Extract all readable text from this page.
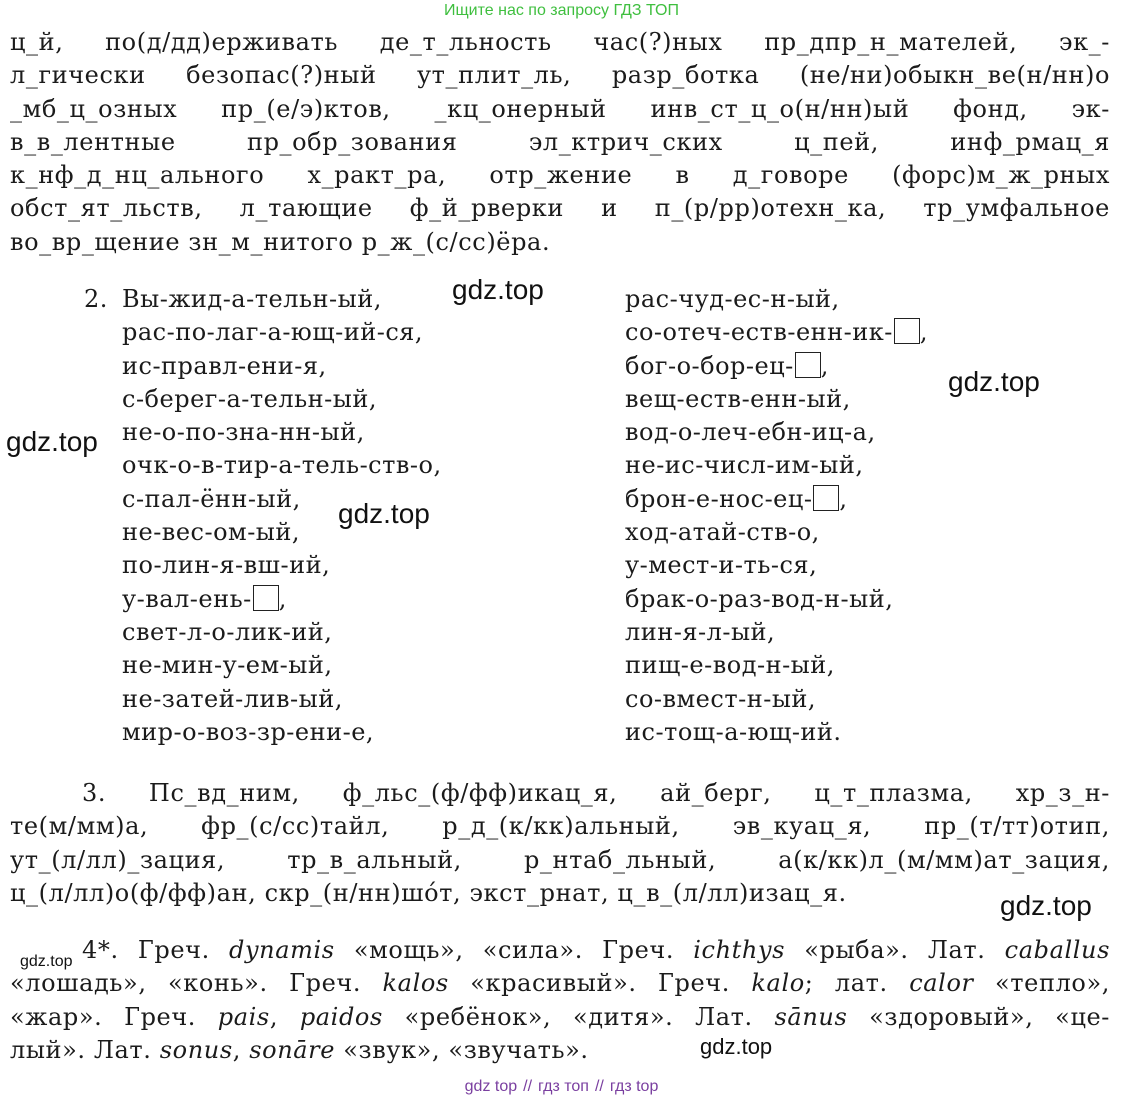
Ищите нас по запросу ГДЗ ТОП
ц_й, по(д/дд)ерживать де_т_льность час(?)ных пр_дпр_н_мателей, эк_-
л_гически безопас(?)ный ут_плит_ль, разр_ботка (не/ни)обыкн_ве(н/нн)о
_мб_ц_озных пр_(е/э)ктов, _кц_онерный инв_ст_ц_о(н/нн)ый фонд, эк-
в_в_лентные пр_обр_зования эл_ктрич_ских ц_пей, инф_рмац_я
к_нф_д_нц_ального х_ракт_ра, отр_жение в д_говоре (форс)м_ж_рных
обст_ят_льств, л_тающие ф_й_рверки и п_(р/рр)отехн_ка, тр_умфальное
во_вр_щение зн_м_нитого р_ж_(с/сс)ёра.
2. Вы-жид-а-тельн-ый,
рас-по-лаг-а-ющ-ий-ся,
ис-правл-ени-я,
с-берег-а-тельн-ый,
не-о-по-зна-нн-ый,
очк-о-в-тир-а-тель-ств-о,
с-пал-ённ-ый,
не-вес-ом-ый,
по-лин-я-вш-ий,
у-вал-ень- ,
свет-л-о-лик-ий,
не-мин-у-ем-ый,
не-затей-лив-ый,
мир-о-воз-зр-ени-е,
рас-чуд-ес-н-ый,
со-отеч-еств-енн-ик- ,
бог-о-бор-ец- ,
вещ-еств-енн-ый,
вод-о-леч-ебн-иц-а,
не-ис-числ-им-ый,
брон-е-нос-ец- ,
ход-атай-ств-о,
у-мест-и-ть-ся,
брак-о-раз-вод-н-ый,
лин-я-л-ый,
пищ-е-вод-н-ый,
со-вмест-н-ый,
ис-тощ-а-ющ-ий.
3. Пс_вд_ним, ф_льс_(ф/фф)икац_я, ай_берг, ц_т_плазма, хр_з_н-
те(м/мм)а, фр_(с/сс)тайл, р_д_(к/кк)альный, эв_куац_я, пр_(т/тт)отип,
ут_(л/лл)_зация, тр_в_альный, р_нтаб_льный, а(к/кк)л_(м/мм)ат_зация,
ц_(л/лл)о(ф/фф)ан, скр_(н/нн)шо́т, экст_рнат, ц_в_(л/лл)изац_я.
4*. Греч. dynamis «мощь», «сила». Греч. ichthys «рыба». Лат. caballus
«лошадь», «конь». Греч. kalos «красивый». Греч. kalo; лат. calor «тепло»,
«жар». Греч. pais, paidos «ребёнок», «дитя». Лат. sānus «здоровый», «це-
лый». Лат. sonus, sonāre «звук», «звучать».
gdz.top
gdz.top
gdz.top
gdz.top
gdz.top
gdz.top
gdz.top
gdz top // гдз топ // гдз top
